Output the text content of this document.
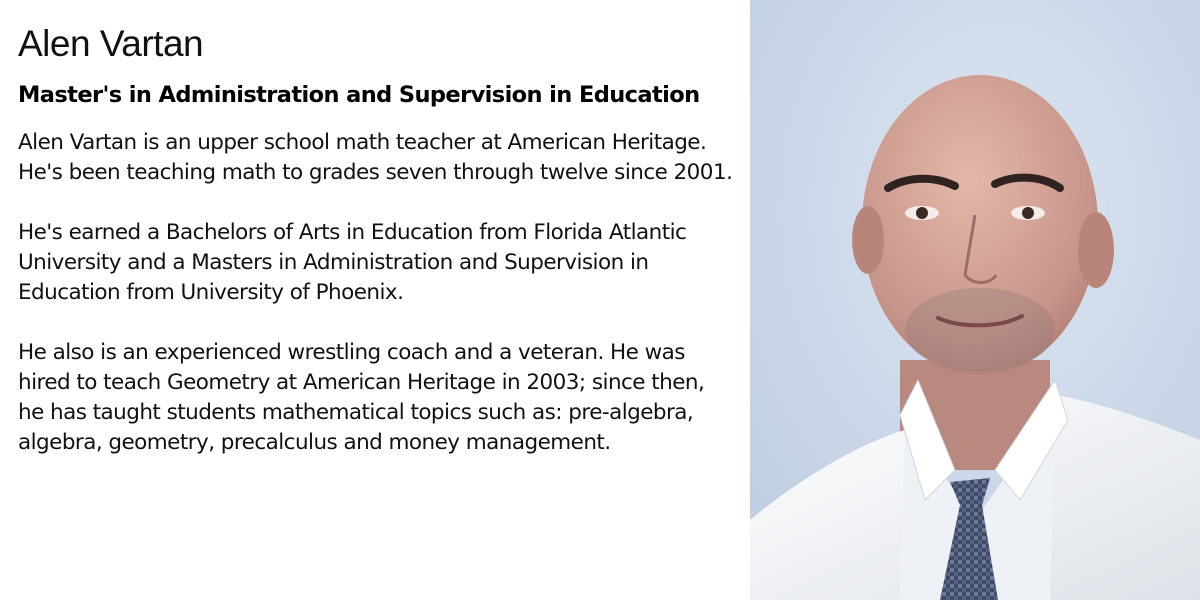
Alen Vartan
Master's in Administration and Supervision in Education

Alen Vartan is an upper school math teacher at American Heritage. He's been teaching math to grades seven through twelve since 2001.

He's earned a Bachelors of Arts in Education from Florida Atlantic University and a Masters in Administration and Supervision in Education from University of Phoenix.

He also is an experienced wrestling coach and a veteran. He was hired to teach Geometry at American Heritage in 2003; since then, he has taught students mathematical topics such as: pre-algebra, algebra, geometry, precalculus and money management.
